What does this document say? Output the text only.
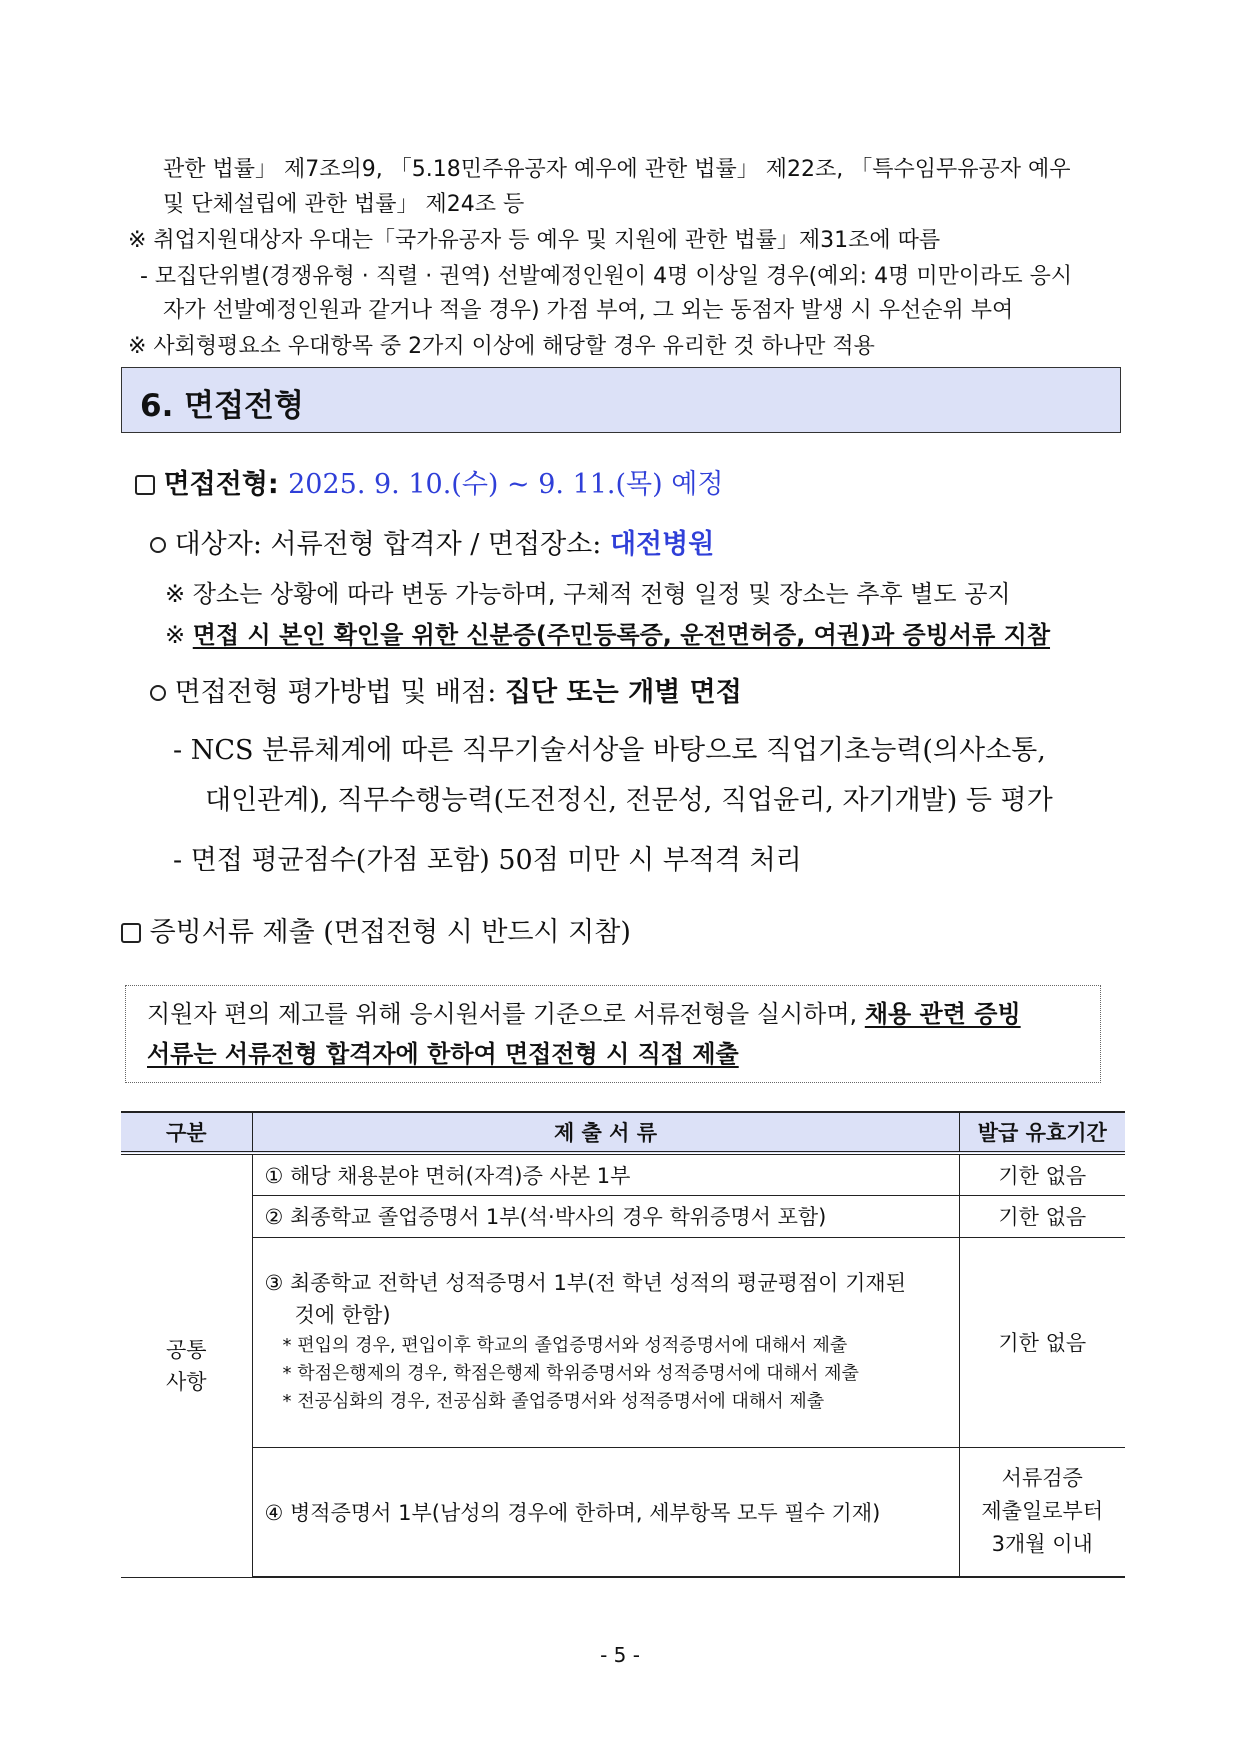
관한 법률」 제7조의9, 「5.18민주유공자 예우에 관한 법률」 제22조, 「특수임무유공자 예우
및 단체설립에 관한 법률」 제24조 등
※ 취업지원대상자 우대는「국가유공자 등 예우 및 지원에 관한 법률」제31조에 따름
- 모집단위별(경쟁유형 · 직렬 · 권역) 선발예정인원이 4명 이상일 경우(예외: 4명 미만이라도 응시
자가 선발예정인원과 같거나 적을 경우) 가점 부여, 그 외는 동점자 발생 시 우선순위 부여
※ 사회형평요소 우대항목 중 2가지 이상에 해당할 경우 유리한 것 하나만 적용
6. 면접전형
면접전형: 2025. 9. 10.(수) ~ 9. 11.(목) 예정
대상자: 서류전형 합격자 / 면접장소: 대전병원
※ 장소는 상황에 따라 변동 가능하며, 구체적 전형 일정 및 장소는 추후 별도 공지
※ 면접 시 본인 확인을 위한 신분증(주민등록증, 운전면허증, 여권)과 증빙서류 지참
면접전형 평가방법 및 배점: 집단 또는 개별 면접
- NCS 분류체계에 따른 직무기술서상을 바탕으로 직업기초능력(의사소통,
대인관계), 직무수행능력(도전정신, 전문성, 직업윤리, 자기개발) 등 평가
- 면접 평균점수(가점 포함) 50점 미만 시 부적격 처리
증빙서류 제출 (면접전형 시 반드시 지참)
지원자 편의 제고를 위해 응시원서를 기준으로 서류전형을 실시하며, 채용 관련 증빙
서류는 서류전형 합격자에 한하여 면접전형 시 직접 제출
구분	제 출 서 류	발급 유효기간
공통
사항	① 해당 채용분야 면허(자격)증 사본 1부	기한 없음
	② 최종학교 졸업증명서 1부(석·박사의 경우 학위증명서 포함)	기한 없음

	③ 최종학교 전학년 성적증명서 1부(전 학년 성적의 평균평점이 기재된
것에 한함)
* 편입의 경우, 편입이후 학교의 졸업증명서와 성적증명서에 대해서 제출
* 학점은행제의 경우, 학점은행제 학위증명서와 성적증명서에 대해서 제출
* 전공심화의 경우, 전공심화 졸업증명서와 성적증명서에 대해서 제출	기한 없음
	④ 병적증명서 1부(남성의 경우에 한하며, 세부항목 모두 필수 기재)	서류검증
제출일로부터
3개월 이내
- 5 -
